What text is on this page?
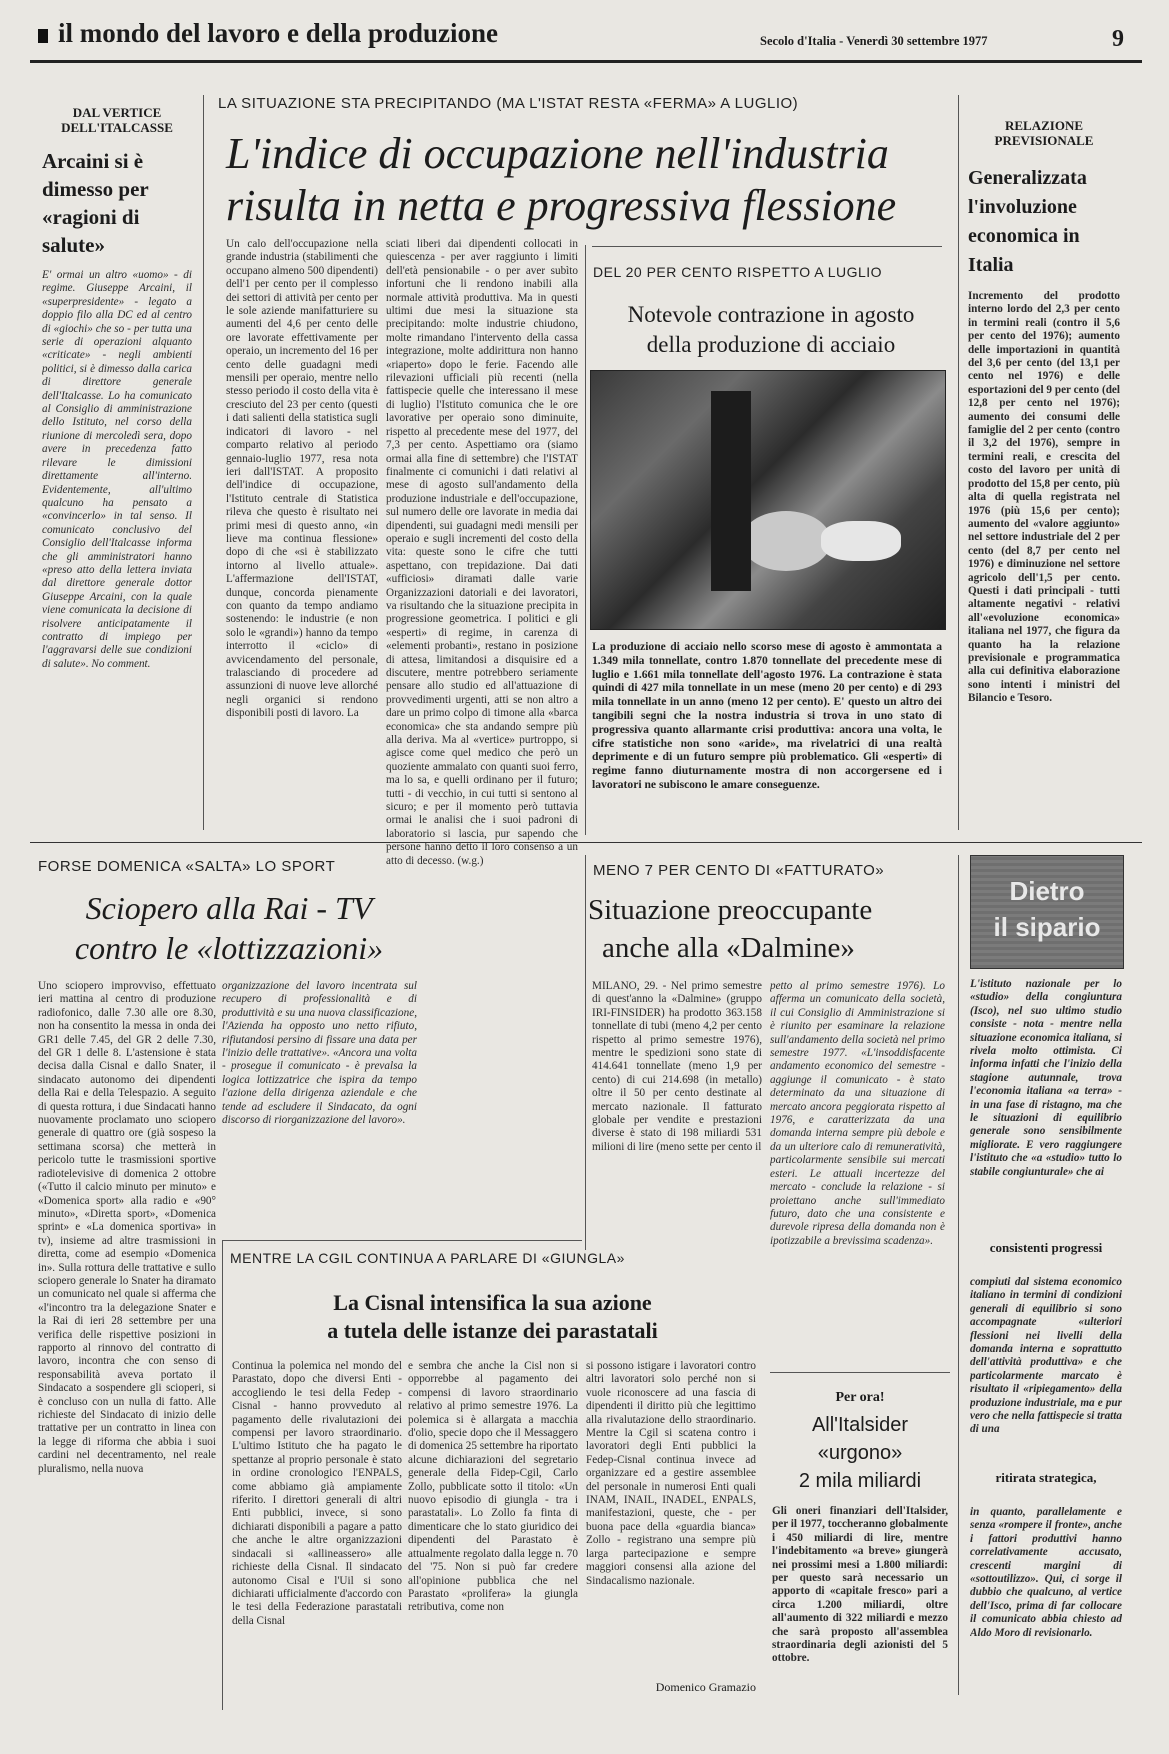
il mondo del lavoro e della produzione	Secolo d'Italia - Venerdì 30 settembre 1977	9
DAL VERTICE DELL'ITALCASSE
Arcaini si è dimesso per «ragioni di salute»
E' ormai un altro «uomo» - di regime. Giuseppe Arcaini, il «superpresidente» - legato a doppio filo alla DC ed al centro di «giochi» che so - per tutta una serie di operazioni alquanto «criticate» - negli ambienti politici, si è dimesso dalla carica di direttore generale dell'Italcasse. Lo ha comunicato al Consiglio di amministrazione dello Istituto, nel corso della riunione di mercoledì sera, dopo avere in precedenza fatto rilevare le dimissioni direttamente all'interno. Evidentemente, all'ultimo qualcuno ha pensato a «convincerlo» in tal senso. Il comunicato conclusivo del Consiglio dell'Italcasse informa che gli amministratori hanno «preso atto della lettera inviata dal direttore generale dottor Giuseppe Arcaini, con la quale viene comunicata la decisione di risolvere anticipatamente il contratto di impiego per l'aggravarsi delle sue condizioni di salute». No comment.
LA SITUAZIONE STA PRECIPITANDO (MA L'ISTAT RESTA «FERMA» A LUGLIO)
L'indice di occupazione nell'industria
risulta in netta e progressiva flessione
Un calo dell'occupazione nella grande industria (stabilimenti che occupano almeno 500 dipendenti) dell'1 per cento per il complesso dei settori di attività per cento per le sole aziende manifatturiere su aumenti del 4,6 per cento delle ore lavorate effettivamente per operaio, un incremento del 16 per cento delle guadagni medi mensili per operaio, mentre nello stesso periodo il costo della vita è cresciuto del 23 per cento (questi i dati salienti della statistica sugli indicatori di lavoro - nel comparto relativo al periodo gennaio-luglio 1977, resa nota ieri dall'ISTAT. A proposito dell'indice di occupazione, l'Istituto centrale di Statistica rileva che questo è risultato nei primi mesi di questo anno, «in lieve ma continua flessione» dopo di che «si è stabilizzato intorno al livello attuale». L'affermazione dell'ISTAT, dunque, concorda pienamente con quanto da tempo andiamo sostenendo: le industrie (e non solo le «grandi») hanno da tempo interrotto il «ciclo» di avvicendamento del personale, tralasciando di procedere ad assunzioni di nuove leve allorché negli organici si rendono disponibili posti di lavoro. La
sciati liberi dai dipendenti collocati in quiescenza - per aver raggiunto i limiti dell'età pensionabile - o per aver subìto infortuni che li rendono inabili alla normale attività produttiva. Ma in questi ultimi due mesi la situazione sta precipitando: molte industrie chiudono, molte rimandano l'intervento della cassa integrazione, molte addirittura non hanno «riaperto» dopo le ferie. Facendo alle rilevazioni ufficiali più recenti (nella fattispecie quelle che interessano il mese di luglio) l'Istituto comunica che le ore lavorative per operaio sono diminuite, rispetto al precedente mese del 1977, del 7,3 per cento. Aspettiamo ora (siamo ormai alla fine di settembre) che l'ISTAT finalmente ci comunichi i dati relativi al mese di agosto sull'andamento della produzione industriale e dell'occupazione, sul numero delle ore lavorate in media dai dipendenti, sui guadagni medi mensili per operaio e sugli incrementi del costo della vita: queste sono le cifre che tutti aspettano, con trepidazione. Dai dati «ufficiosi» diramati dalle varie Organizzazioni datoriali e dei lavoratori, va risultando che la situazione precipita in progressione geometrica. I politici e gli «esperti» di regime, in carenza di «elementi probanti», restano in posizione di attesa, limitandosi a disquisire ed a discutere, mentre potrebbero seriamente pensare allo studio ed all'attuazione di provvedimenti urgenti, atti se non altro a dare un primo colpo di timone alla «barca economica» che sta andando sempre più alla deriva. Ma al «vertice» purtroppo, si agisce come quel medico che però un quoziente ammalato con quanti suoi ferro, ma lo sa, e quelli ordinano per il futuro; tutti - di vecchio, in cui tutti si sentono al sicuro; e per il momento però tuttavia ormai le analisi che i suoi padroni di laboratorio si lascia, pur sapendo che persone hanno detto il loro consenso a un atto di decesso. (w.g.)
DEL 20 PER CENTO RISPETTO A LUGLIO
Notevole contrazione in agosto
della produzione di acciaio
La produzione di acciaio nello scorso mese di agosto è ammontata a 1.349 mila tonnellate, contro 1.870 tonnellate del precedente mese di luglio e 1.661 mila tonnellate dell'agosto 1976. La contrazione è stata quindi di 427 mila tonnellate in un mese (meno 20 per cento) e di 293 mila tonnellate in un anno (meno 12 per cento). E' questo un altro dei tangibili segni che la nostra industria si trova in uno stato di progressiva quanto allarmante crisi produttiva: ancora una volta, le cifre statistiche non sono «aride», ma rivelatrici di una realtà deprimente e di un futuro sempre più problematico. Gli «esperti» di regime fanno diuturnamente mostra di non accorgersene ed i lavoratori ne subiscono le amare conseguenze.
RELAZIONE PREVISIONALE
Generalizzata l'involuzione economica in Italia
Incremento del prodotto interno lordo del 2,3 per cento in termini reali (contro il 5,6 per cento del 1976); aumento delle importazioni in quantità del 3,6 per cento (del 13,1 per cento nel 1976) e delle esportazioni del 9 per cento (del 12,8 per cento nel 1976); aumento dei consumi delle famiglie del 2 per cento (contro il 3,2 del 1976), sempre in termini reali, e crescita del costo del lavoro per unità di prodotto del 15,8 per cento, più alta di quella registrata nel 1976 (più 15,6 per cento); aumento del «valore aggiunto» nel settore industriale del 2 per cento (del 8,7 per cento nel 1976) e diminuzione nel settore agricolo dell'1,5 per cento. Questi i dati principali - tutti altamente negativi - relativi all'«evoluzione economica» italiana nel 1977, che figura da quanto ha la relazione previsionale e programmatica alla cui definitiva elaborazione sono intenti i ministri del Bilancio e Tesoro.
FORSE DOMENICA «SALTA» LO SPORT
Sciopero alla Rai - TV
contro le «lottizzazioni»
Uno sciopero improvviso, effettuato ieri mattina al centro di produzione radiofonico, dalle 7.30 alle ore 8.30, non ha consentito la messa in onda dei GR1 delle 7.45, del GR 2 delle 7.30, del GR 1 delle 8. L'astensione è stata decisa dalla Cisnal e dallo Snater, il sindacato autonomo dei dipendenti della Rai e della Telespazio. A seguito di questa rottura, i due Sindacati hanno nuovamente proclamato uno sciopero generale di quattro ore (già sospeso la settimana scorsa) che metterà in pericolo tutte le trasmissioni sportive radiotelevisive di domenica 2 ottobre («Tutto il calcio minuto per minuto» e «Domenica sport» alla radio e «90° minuto», «Diretta sport», «Domenica sprint» e «La domenica sportiva» in tv), insieme ad altre trasmissioni in diretta, come ad esempio «Domenica in». Sulla rottura delle trattative e sullo sciopero generale lo Snater ha diramato un comunicato nel quale si afferma che «l'incontro tra la delegazione Snater e la Rai di ieri 28 settembre per una verifica delle rispettive posizioni in rapporto al rinnovo del contratto di lavoro, incontra che con senso di responsabilità aveva portato il Sindacato a sospendere gli scioperi, si è concluso con un nulla di fatto. Alle richieste del Sindacato di inizio delle trattative per un contratto in linea con la legge di riforma che abbia i suoi cardini nel decentramento, nel reale pluralismo, nella nuova
organizzazione del lavoro incentrata sul recupero di professionalità e di produttività e su una nuova classificazione, l'Azienda ha opposto uno netto rifiuto, rifiutandosi persino di fissare una data per l'inizio delle trattative». «Ancora una volta - prosegue il comunicato - è prevalsa la logica lottizzatrice che ispira da tempo l'azione della dirigenza aziendale e che tende ad escludere il Sindacato, da ogni discorso di riorganizzazione del lavoro».
MENO 7 PER CENTO DI «FATTURATO»
Situazione preoccupante
anche alla «Dalmine»
MILANO, 29. - Nel primo semestre di quest'anno la «Dalmine» (gruppo IRI-FINSIDER) ha prodotto 363.158 tonnellate di tubi (meno 4,2 per cento rispetto al primo semestre 1976), mentre le spedizioni sono state di 414.641 tonnellate (meno 1,9 per cento) di cui 214.698 (in metallo) oltre il 50 per cento destinate al mercato nazionale. Il fatturato globale per vendite e prestazioni diverse è stato di 198 miliardi 531 milioni di lire (meno sette per cento il
petto al primo semestre 1976). Lo afferma un comunicato della società, il cui Consiglio di Amministrazione si è riunito per esaminare la relazione sull'andamento della società nel primo semestre 1977. «L'insoddisfacente andamento economico del semestre - aggiunge il comunicato - è stato determinato da una situazione di mercato ancora peggiorata rispetto al 1976, e caratterizzata da una domanda interna sempre più debole e da un ulteriore calo di remuneratività, particolarmente sensibile sui mercati esteri. Le attuali incertezze del mercato - conclude la relazione - si proiettano anche sull'immediato futuro, dato che una consistente e durevole ripresa della domanda non è ipotizzabile a brevissima scadenza».
Dietro
il sipario
L'istituto nazionale per lo «studio» della congiuntura (Isco), nel suo ultimo studio consiste - nota - mentre nella situazione economica italiana, si rivela molto ottimista. Ci informa infatti che l'inizio della stagione autunnale, trova l'economia italiana «a terra» - in una fase di ristagno, ma che le situazioni di equilibrio generale sono sensibilmente migliorate. E vero raggiungere l'istituto che «a «studio» tutto lo stabile congiunturale» che ai
consistenti progressi
compiuti dal sistema economico italiano in termini di condizioni generali di equilibrio si sono accompagnate «ulteriori flessioni nei livelli della domanda interna e soprattutto dell'attività produttiva» e che particolarmente marcato è risultato il «ripiegamento» della produzione industriale, ma e pur vero che nella fattispecie si tratta di una
ritirata strategica,
in quanto, parallelamente e senza «rompere il fronte», anche i fattori produttivi hanno correlativamente accusato, crescenti margini di «sottoutilizzo». Qui, ci sorge il dubbio che qualcuno, al vertice dell'Isco, prima di far collocare il comunicato abbia chiesto ad Aldo Moro di revisionarlo.
MENTRE LA CGIL CONTINUA A PARLARE DI «GIUNGLA»
La Cisnal intensifica la sua azione
a tutela delle istanze dei parastatali
Continua la polemica nel mondo del Parastato, dopo che diversi Enti - accogliendo le tesi della Fedep - Cisnal - hanno provveduto al pagamento delle rivalutazioni dei compensi per lavoro straordinario. L'ultimo Istituto che ha pagato le spettanze al proprio personale è stato in ordine cronologico l'ENPALS, come abbiamo già ampiamente riferito. I direttori generali di altri Enti pubblici, invece, si sono dichiarati disponibili a pagare a patto che anche le altre organizzazioni sindacali si «allineassero» alle richieste della Cisnal. Il sindacato autonomo Cisal e l'Uil si sono dichiarati ufficialmente d'accordo con le tesi della Federazione parastatali della Cisnal
e sembra che anche la Cisl non si opporrebbe al pagamento dei compensi di lavoro straordinario relativo al primo semestre 1976. La polemica si è allargata a macchia d'olio, specie dopo che il Messaggero di domenica 25 settembre ha riportato alcune dichiarazioni del segretario generale della Fidep-Cgil, Carlo Zollo, pubblicate sotto il titolo: «Un nuovo episodio di giungla - tra i parastatali». Lo Zollo fa finta di dimenticare che lo stato giuridico dei dipendenti del Parastato è attualmente regolato dalla legge n. 70 del '75. Non si può far credere all'opinione pubblica che nel Parastato «prolifera» la giungla retributiva, come non
si possono istigare i lavoratori contro altri lavoratori solo perché non si vuole riconoscere ad una fascia di dipendenti il diritto più che legittimo alla rivalutazione dello straordinario. Mentre la Cgil si scatena contro i lavoratori degli Enti pubblici la Fedep-Cisnal continua invece ad organizzare ed a gestire assemblee del personale in numerosi Enti quali INAM, INAIL, INADEL, ENPALS, manifestazioni, queste, che - per buona pace della «guardia bianca» Zollo - registrano una sempre più larga partecipazione e sempre maggiori consensi alla azione del Sindacalismo nazionale.
Domenico Gramazio
Per ora!
All'Italsider
«urgono»
2 mila miliardi
Gli oneri finanziari dell'Italsider, per il 1977, toccheranno globalmente i 450 miliardi di lire, mentre l'indebitamento «a breve» giungerà nei prossimi mesi a 1.800 miliardi: per questo sarà necessario un apporto di «capitale fresco» pari a circa 1.200 miliardi, oltre all'aumento di 322 miliardi e mezzo che sarà proposto all'assemblea straordinaria degli azionisti del 5 ottobre.
